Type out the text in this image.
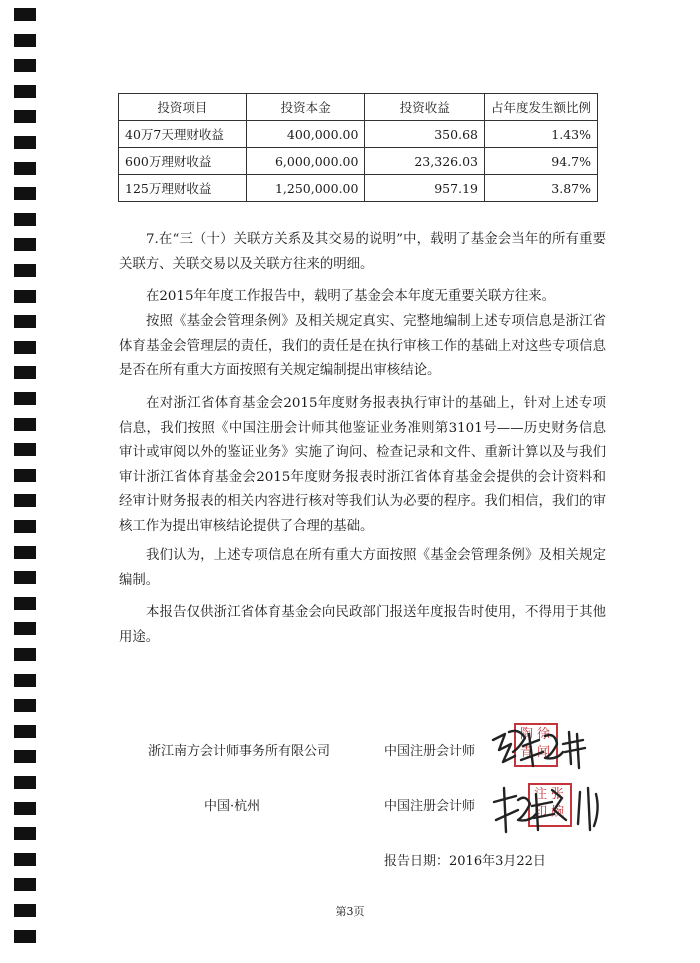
投资项目	投资本金	投资收益	占年度发生额比例
40万7天理财收益	400,000.00	350.68	1.43%
600万理财收益	6,000,000.00	23,326.03	94.7%
125万理财收益	1,250,000.00	957.19	3.87%

7.在“三（十）关联方关系及其交易的说明”中，载明了基金会当年的所有重要关联方、关联交易以及关联方往来的明细。

在2015年年度工作报告中，载明了基金会本年度无重要关联方往来。

按照《基金会管理条例》及相关规定真实、完整地编制上述专项信息是浙江省体育基金会管理层的责任，我们的责任是在执行审核工作的基础上对这些专项信息是否在所有重大方面按照有关规定编制提出审核结论。

在对浙江省体育基金会2015年度财务报表执行审计的基础上，针对上述专项信息，我们按照《中国注册会计师其他鉴证业务准则第3101号——历史财务信息审计或审阅以外的鉴证业务》实施了询问、检查记录和文件、重新计算以及与我们审计浙江省体育基金会2015年度财务报表时浙江省体育基金会提供的会计资料和经审计财务报表的相关内容进行核对等我们认为必要的程序。我们相信，我们的审核工作为提出审核结论提供了合理的基础。

我们认为，上述专项信息在所有重大方面按照《基金会管理条例》及相关规定编制。

本报告仅供浙江省体育基金会向民政部门报送年度报告时使用，不得用于其他用途。

浙江南方会计师事务所有限公司	中国注册会计师

中国·杭州	中国注册会计师

陶 徐
青 闻
注 张
印 婉

报告日期：2016年3月22日

第3页
